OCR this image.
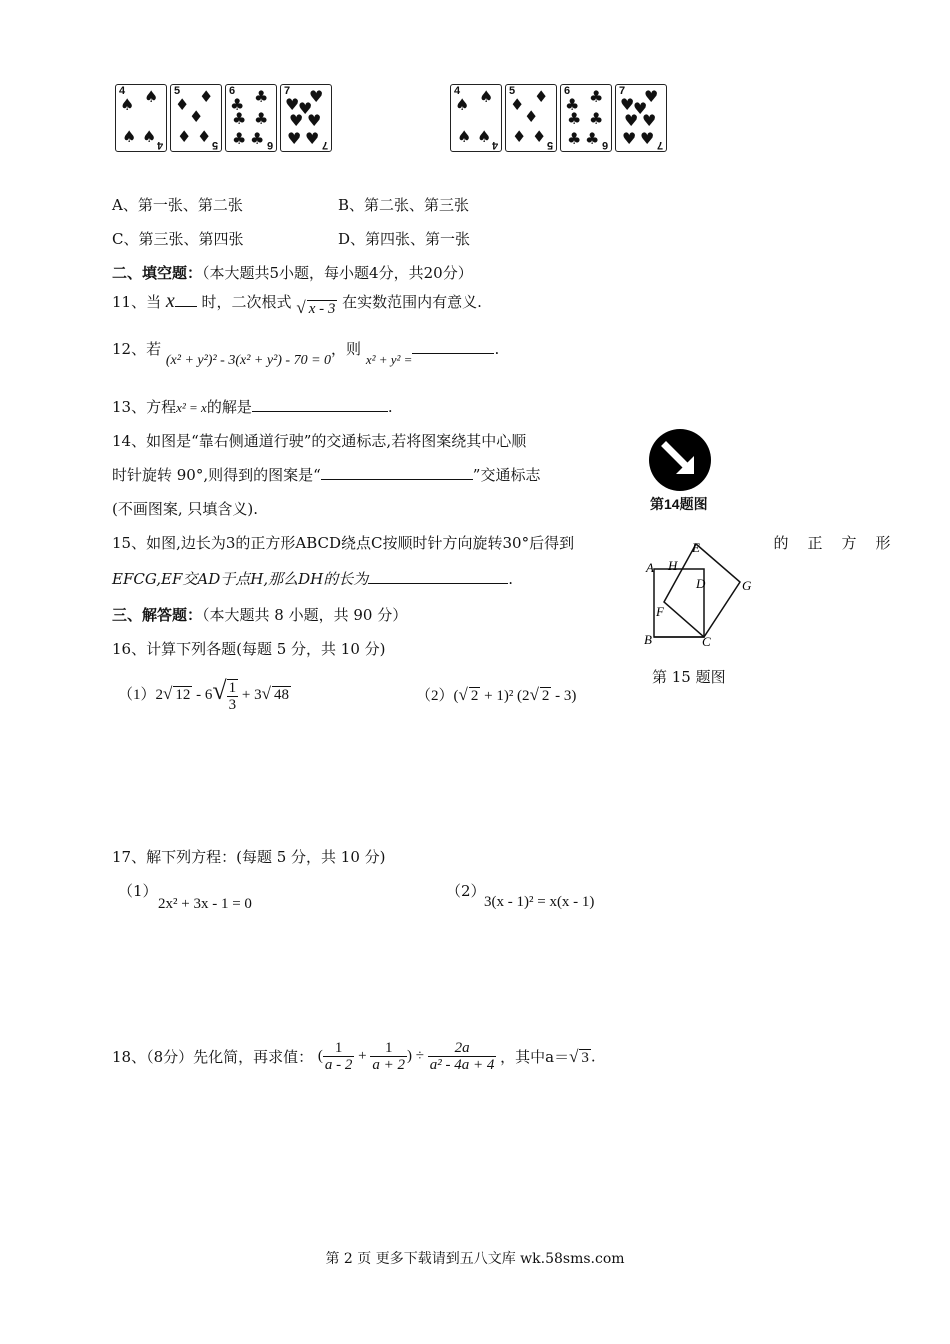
4
♠ ♠
♠ ♠ 4
5
♦ ♦
♦
♦ ♦ 5
6
♣ ♣
♣ ♣
♣ ♣ 6
7
♥ ♥
♥
♥ ♥
♥ ♥ 7
4
♠ ♠
♠ ♠ 4
5
♦ ♦
♦
♦ ♦ 5
6
♣ ♣
♣ ♣
♣ ♣ 6
7
♥ ♥
♥
♥ ♥
♥ ♥ 7
A、第一张、第二张	B、第二张、第三张
C、第三张、第四张	D、第四张、第一张
二、填空题：（本大题共5小题，每小题4分，共20分）
11、当 x 时，二次根式 √ x - 3 在实数范围内有意义.
12、若 (x² + y²)² - 3(x² + y²) - 70 = 0，则 x² + y² =.
13、方程x² = x的解是	.
14、如图是“靠右侧通道行驶”的交通标志,若将图案绕其中心顺
时针旋转 90°,则得到的图案是“	”交通标志
(不画图案, 只填含义).	第14题图
15、如图,边长为3的正方形ABCD绕点C按顺时针方向旋转30°后得到	的 正 方 形
EFCG,EF交AD于点H,那么DH的长为	.
A
B	C
D
E
F
G
H
第 15 题图
三、解答题：（本大题共 8 小题，共 90 分）
16、计算下列各题(每题 5 分，共 10 分)
（1）2√ $12 - 6√ \frac{1}{3} + 3√$ 48	（2）(√ 2 + 1)² (2√ 2 - 3)
17、解下列方程：(每题 5 分，共 10 分)
（1）
2x² + 3x - 1 = 0
（2）
3(x - 1)² = x(x - 1)
18、（8分）先化简，再求值： ( $\frac{1}{a - 2} + \frac{1}{a + 2}$ ) ÷ $\frac{2a}{\text{a² - 4a + 4}}$ ，其中a＝√ 3 .
第 2 页 更多下载请到五八文库 wk.58sms.com
